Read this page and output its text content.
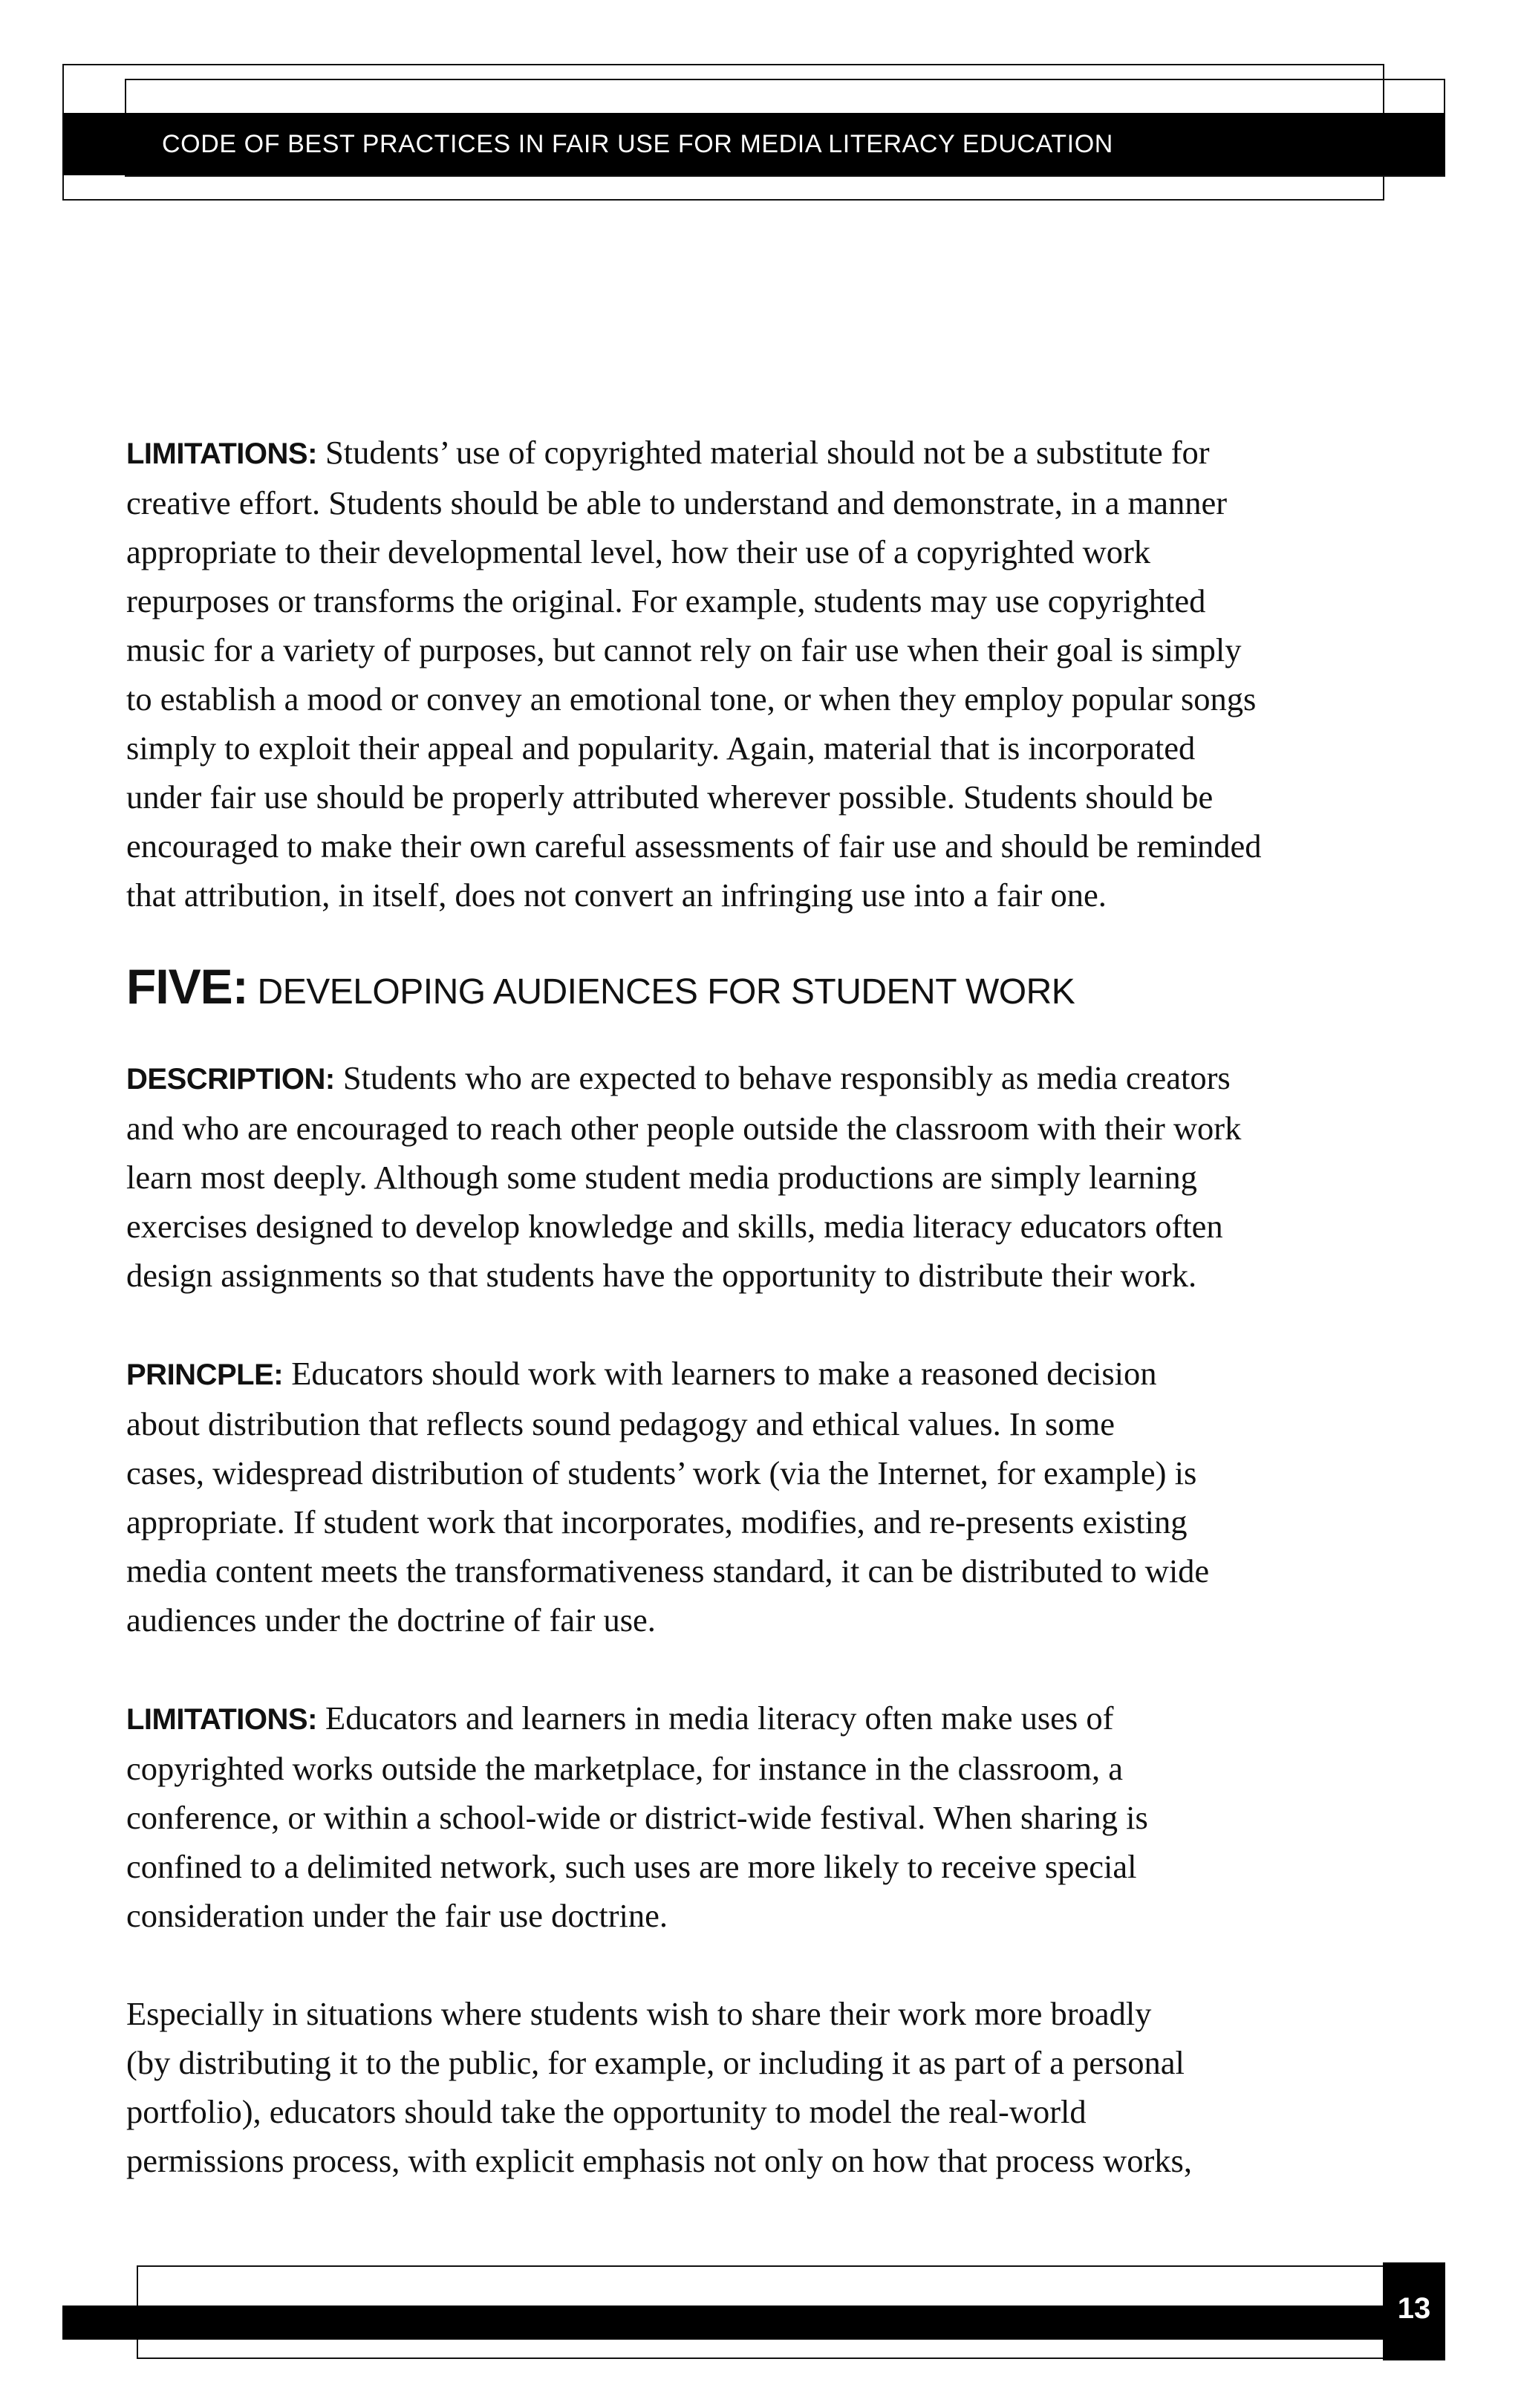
CODE OF BEST PRACTICES IN FAIR USE FOR MEDIA LITERACY EDUCATION

LIMITATIONS: Students’ use of copyrighted material should not be a substitute for
creative effort. Students should be able to understand and demonstrate, in a manner
appropriate to their developmental level, how their use of a copyrighted work
repurposes or transforms the original. For example, students may use copyrighted
music for a variety of purposes, but cannot rely on fair use when their goal is simply
to establish a mood or convey an emotional tone, or when they employ popular songs
simply to exploit their appeal and popularity. Again, material that is incorporated
under fair use should be properly attributed wherever possible. Students should be
encouraged to make their own careful assessments of fair use and should be reminded
that attribution, in itself, does not convert an infringing use into a fair one.

FIVE: DEVELOPING AUDIENCES FOR STUDENT WORK

DESCRIPTION: Students who are expected to behave responsibly as media creators
and who are encouraged to reach other people outside the classroom with their work
learn most deeply. Although some student media productions are simply learning
exercises designed to develop knowledge and skills, media literacy educators often
design assignments so that students have the opportunity to distribute their work.

PRINCPLE: Educators should work with learners to make a reasoned decision
about distribution that reflects sound pedagogy and ethical values. In some
cases, widespread distribution of students’ work (via the Internet, for example) is
appropriate. If student work that incorporates, modifies, and re-presents existing
media content meets the transformativeness standard, it can be distributed to wide
audiences under the doctrine of fair use.

LIMITATIONS: Educators and learners in media literacy often make uses of
copyrighted works outside the marketplace, for instance in the classroom, a
conference, or within a school-wide or district-wide festival. When sharing is
confined to a delimited network, such uses are more likely to receive special
consideration under the fair use doctrine.

Especially in situations where students wish to share their work more broadly
(by distributing it to the public, for example, or including it as part of a personal
portfolio), educators should take the opportunity to model the real-world
permissions process, with explicit emphasis not only on how that process works,

13
